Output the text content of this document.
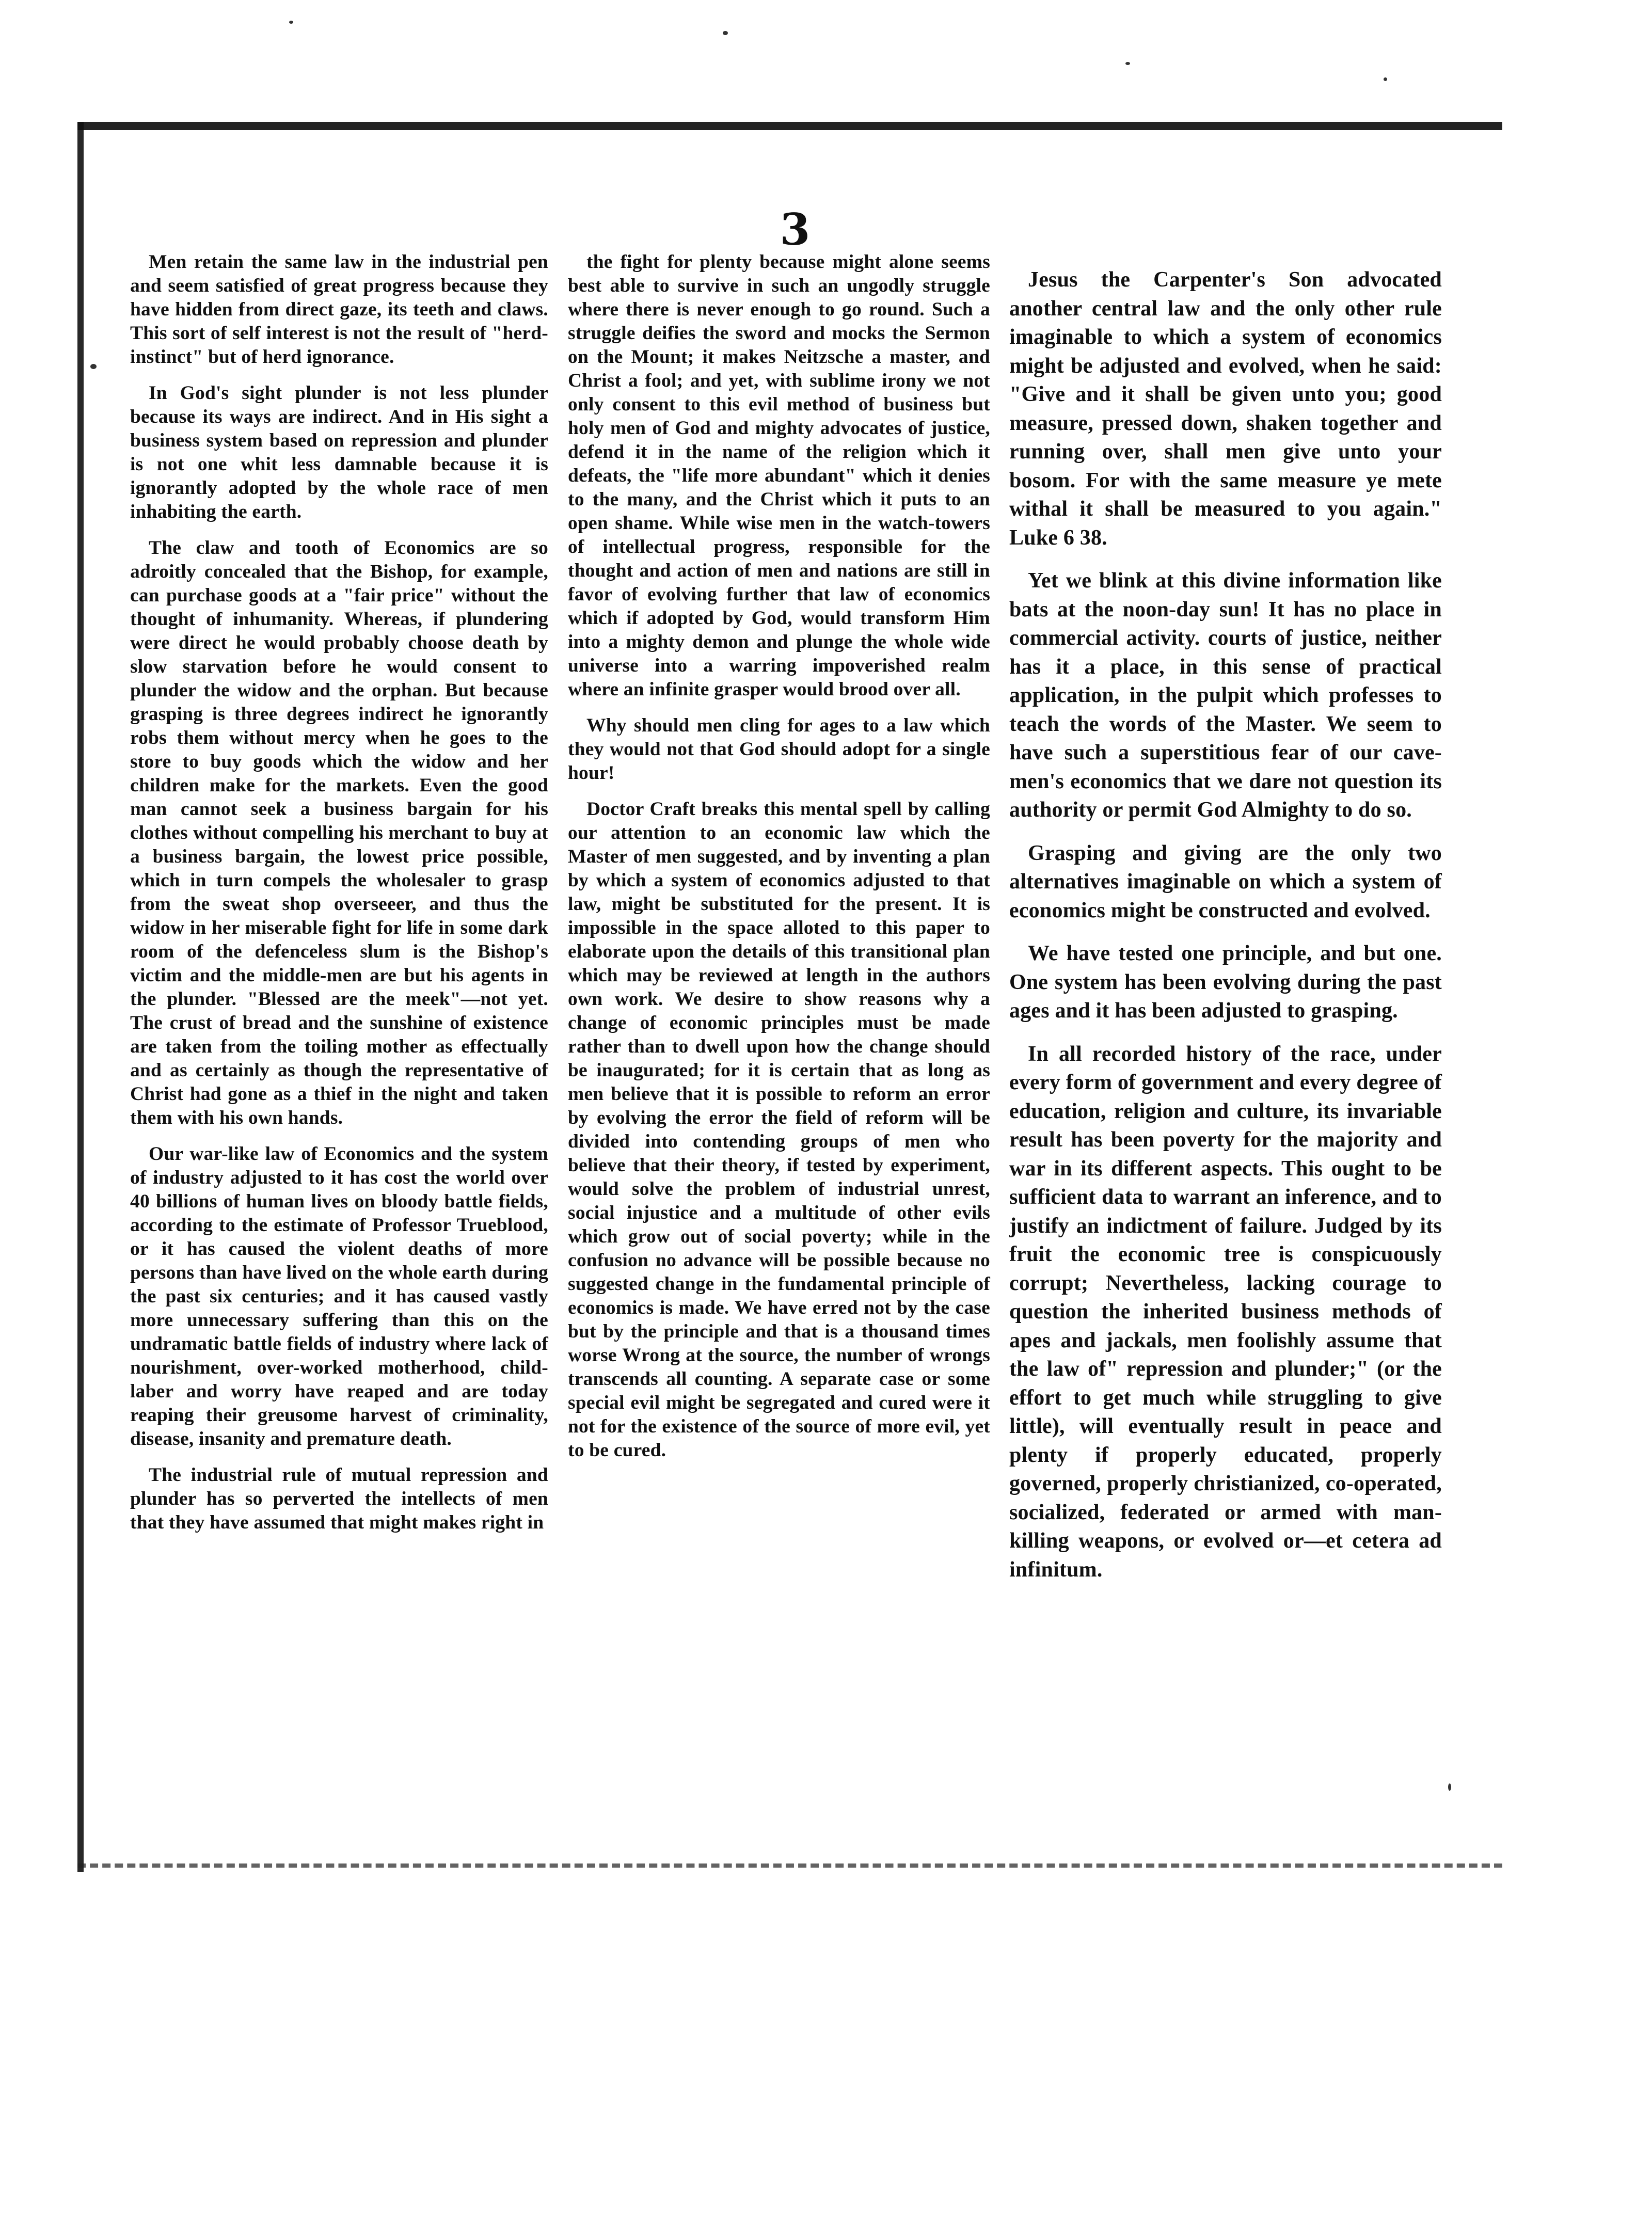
3

Men retain the same law in the industrial pen and seem satisfied of great progress because they have hidden from direct gaze, its teeth and claws. This sort of self interest is not the result of "herd-instinct" but of herd ignorance.

In God's sight plunder is not less plunder because its ways are indirect. And in His sight a business system based on repression and plunder is not one whit less damnable because it is ignorantly adopted by the whole race of men inhabiting the earth.

The claw and tooth of Economics are so adroitly concealed that the Bishop, for example, can purchase goods at a "fair price" without the thought of inhumanity. Whereas, if plundering were direct he would probably choose death by slow starvation before he would consent to plunder the widow and the orphan. But because grasping is three degrees indirect he ignorantly robs them without mercy when he goes to the store to buy goods which the widow and her children make for the markets. Even the good man cannot seek a business bargain for his clothes without compelling his merchant to buy at a business bargain, the lowest price possible, which in turn compels the wholesaler to grasp from the sweat shop overseeer, and thus the widow in her miserable fight for life in some dark room of the defenceless slum is the Bishop's victim and the middle-men are but his agents in the plunder. "Blessed are the meek"—not yet. The crust of bread and the sunshine of existence are taken from the toiling mother as effectually and as certainly as though the representative of Christ had gone as a thief in the night and taken them with his own hands.

Our war-like law of Economics and the system of industry adjusted to it has cost the world over 40 billions of human lives on bloody battle fields, according to the estimate of Professor Trueblood, or it has caused the violent deaths of more persons than have lived on the whole earth during the past six centuries; and it has caused vastly more unnecessary suffering than this on the undramatic battle fields of industry where lack of nourishment, over-worked motherhood, child-laber and worry have reaped and are today reaping their greusome harvest of criminality, disease, insanity and premature death.

The industrial rule of mutual repression and plunder has so perverted the intellects of men that they have assumed that might makes right in

the fight for plenty because might alone seems best able to survive in such an ungodly struggle where there is never enough to go round. Such a struggle deifies the sword and mocks the Sermon on the Mount; it makes Neitzsche a master, and Christ a fool; and yet, with sublime irony we not only consent to this evil method of business but holy men of God and mighty advocates of justice, defend it in the name of the religion which it defeats, the "life more abundant" which it denies to the many, and the Christ which it puts to an open shame. While wise men in the watch-towers of intellectual progress, responsible for the thought and action of men and nations are still in favor of evolving further that law of economics which if adopted by God, would transform Him into a mighty demon and plunge the whole wide universe into a warring impoverished realm where an infinite grasper would brood over all.

Why should men cling for ages to a law which they would not that God should adopt for a single hour!

Doctor Craft breaks this mental spell by calling our attention to an economic law which the Master of men suggested, and by inventing a plan by which a system of economics adjusted to that law, might be substituted for the present. It is impossible in the space alloted to this paper to elaborate upon the details of this transitional plan which may be reviewed at length in the authors own work. We desire to show reasons why a change of economic principles must be made rather than to dwell upon how the change should be inaugurated; for it is certain that as long as men believe that it is possible to reform an error by evolving the error the field of reform will be divided into contending groups of men who believe that their theory, if tested by experiment, would solve the problem of industrial unrest, social injustice and a multitude of other evils which grow out of social poverty; while in the confusion no advance will be possible because no suggested change in the fundamental principle of economics is made. We have erred not by the case but by the principle and that is a thousand times worse Wrong at the source, the number of wrongs transcends all counting. A separate case or some special evil might be segregated and cured were it not for the existence of the source of more evil, yet to be cured.

Jesus the Carpenter's Son advocated another central law and the only other rule imaginable to which a system of economics might be adjusted and evolved, when he said: "Give and it shall be given unto you; good measure, pressed down, shaken together and running over, shall men give unto your bosom. For with the same measure ye mete withal it shall be measured to you again." Luke 6 38.

Yet we blink at this divine information like bats at the noon-day sun! It has no place in commercial activity. courts of justice, neither has it a place, in this sense of practical application, in the pulpit which professes to teach the words of the Master. We seem to have such a superstitious fear of our cave-men's economics that we dare not question its authority or permit God Almighty to do so.

Grasping and giving are the only two alternatives imaginable on which a system of economics might be constructed and evolved.

We have tested one principle, and but one. One system has been evolving during the past ages and it has been adjusted to grasping.

In all recorded history of the race, under every form of government and every degree of education, religion and culture, its invariable result has been poverty for the majority and war in its different aspects. This ought to be sufficient data to warrant an inference, and to justify an indictment of failure. Judged by its fruit the economic tree is conspicuously corrupt; Nevertheless, lacking courage to question the inherited business methods of apes and jackals, men foolishly assume that the law of" repression and plunder;" (or the effort to get much while struggling to give little), will eventually result in peace and plenty if properly educated, properly governed, properly christianized, co-operated, socialized, federated or armed with man-killing weapons, or evolved or—et cetera ad infinitum.
